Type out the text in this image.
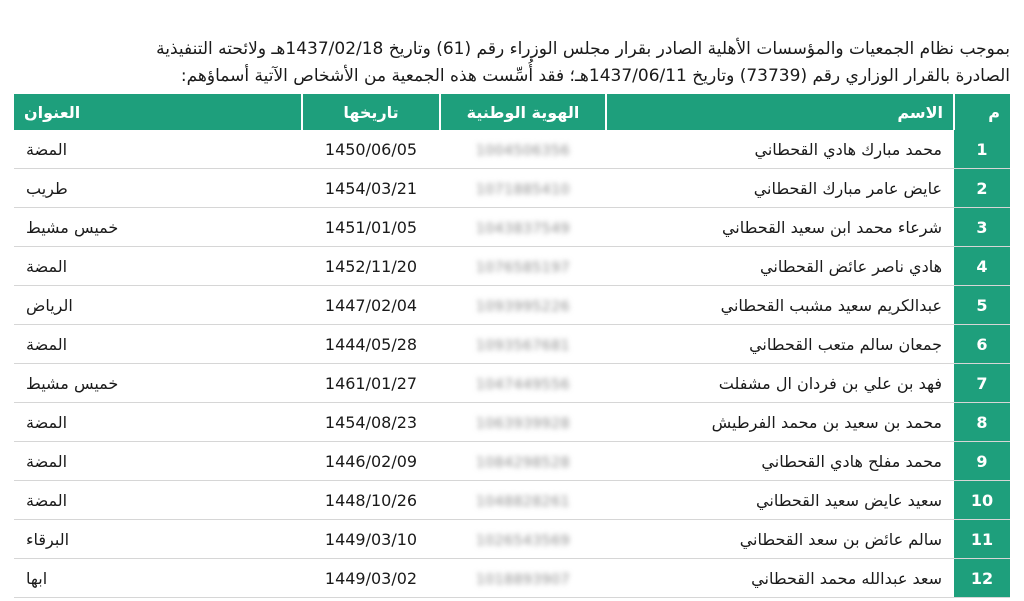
بموجب نظام الجمعيات والمؤسسات الأهلية الصادر بقرار مجلس الوزراء رقم (61) وتاريخ 1437/02/18هـ ولائحته التنفيذية

الصادرة بالقرار الوزاري رقم (73739) وتاريخ 1437/06/11هـ؛ فقد أُسِّست هذه الجمعية من الأشخاص الآتية أسماؤهم:

م	الاسم	الهوية الوطنية	تاريخها	العنوان
1	محمد مبارك هادي القحطاني	1004506356	1450/06/05	المضة
2	عايض عامر مبارك القحطاني	1071885410	1454/03/21	طريب
3	شرعاء محمد ابن سعيد القحطاني	1043837549	1451/01/05	خميس مشيط
4	هادي ناصر عائض القحطاني	1076585197	1452/11/20	المضة
5	عبدالكريم سعيد مشبب القحطاني	1093995226	1447/02/04	الرياض
6	جمعان سالم متعب القحطاني	1093567681	1444/05/28	المضة
7	فهد بن علي بن فردان ال مشفلت	1047449556	1461/01/27	خميس مشيط
8	محمد بن سعيد بن محمد الفرطيش	1063939928	1454/08/23	المضة
9	محمد مفلح هادي القحطاني	1084298528	1446/02/09	المضة
10	سعيد عايض سعيد القحطاني	1048828261	1448/10/26	المضة
11	سالم عائض بن سعد القحطاني	1026543569	1449/03/10	البرقاء
12	سعد عبدالله محمد القحطاني	1018893907	1449/03/02	ابها
